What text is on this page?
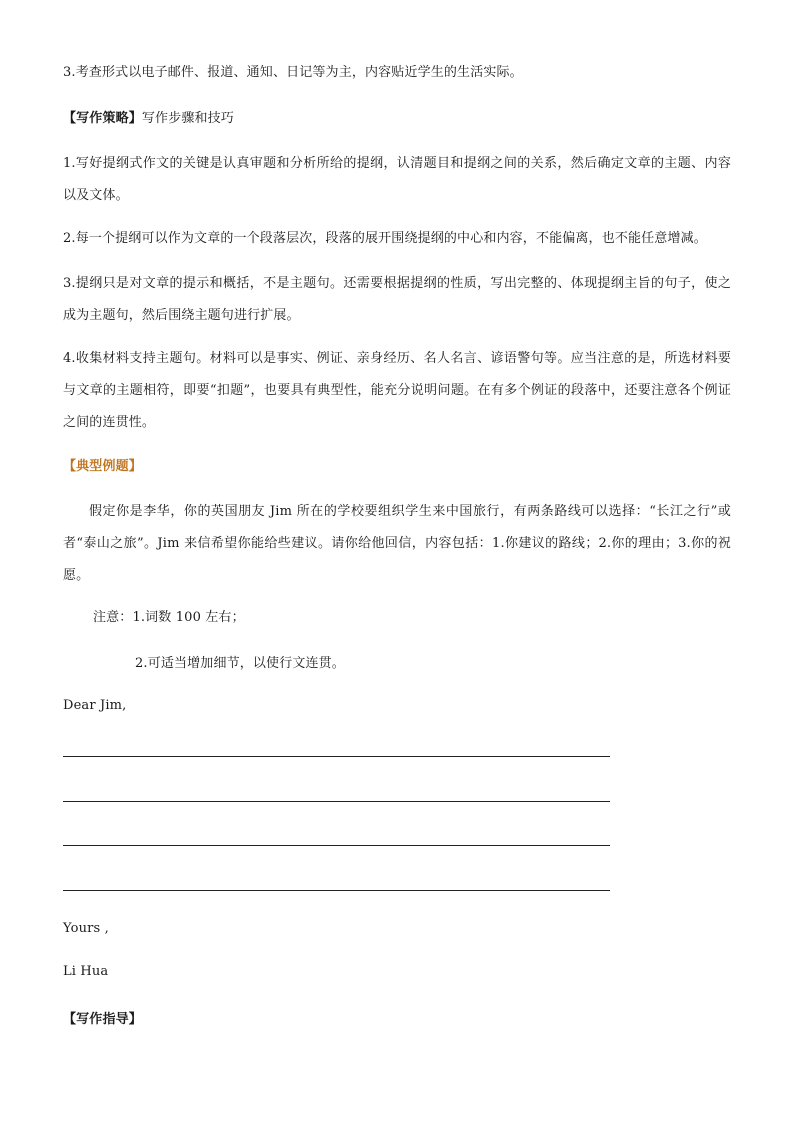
3.考查形式以电子邮件、报道、通知、日记等为主，内容贴近学生的生活实际。
【写作策略】写作步骤和技巧
1.写好提纲式作文的关键是认真审题和分析所给的提纲，认清题目和提纲之间的关系，然后确定文章的主题、内容以及文体。
2.每一个提纲可以作为文章的一个段落层次，段落的展开围绕提纲的中心和内容，不能偏离，也不能任意增减。
3.提纲只是对文章的提示和概括，不是主题句。还需要根据提纲的性质，写出完整的、体现提纲主旨的句子，使之成为主题句，然后围绕主题句进行扩展。
4.收集材料支持主题句。材料可以是事实、例证、亲身经历、名人名言、谚语警句等。应当注意的是，所选材料要与文章的主题相符，即要“扣题”，也要具有典型性，能充分说明问题。在有多个例证的段落中，还要注意各个例证之间的连贯性。
【典型例题】
假定你是李华，你的英国朋友 Jim 所在的学校要组织学生来中国旅行，有两条路线可以选择：“长江之行”或者“泰山之旅”。Jim 来信希望你能给些建议。请你给他回信，内容包括：1.你建议的路线；2.你的理由；3.你的祝愿。
注意：1.词数 100 左右；
2.可适当增加细节，以使行文连贯。
Dear Jim,
Yours ,
Li Hua
【写作指导】
